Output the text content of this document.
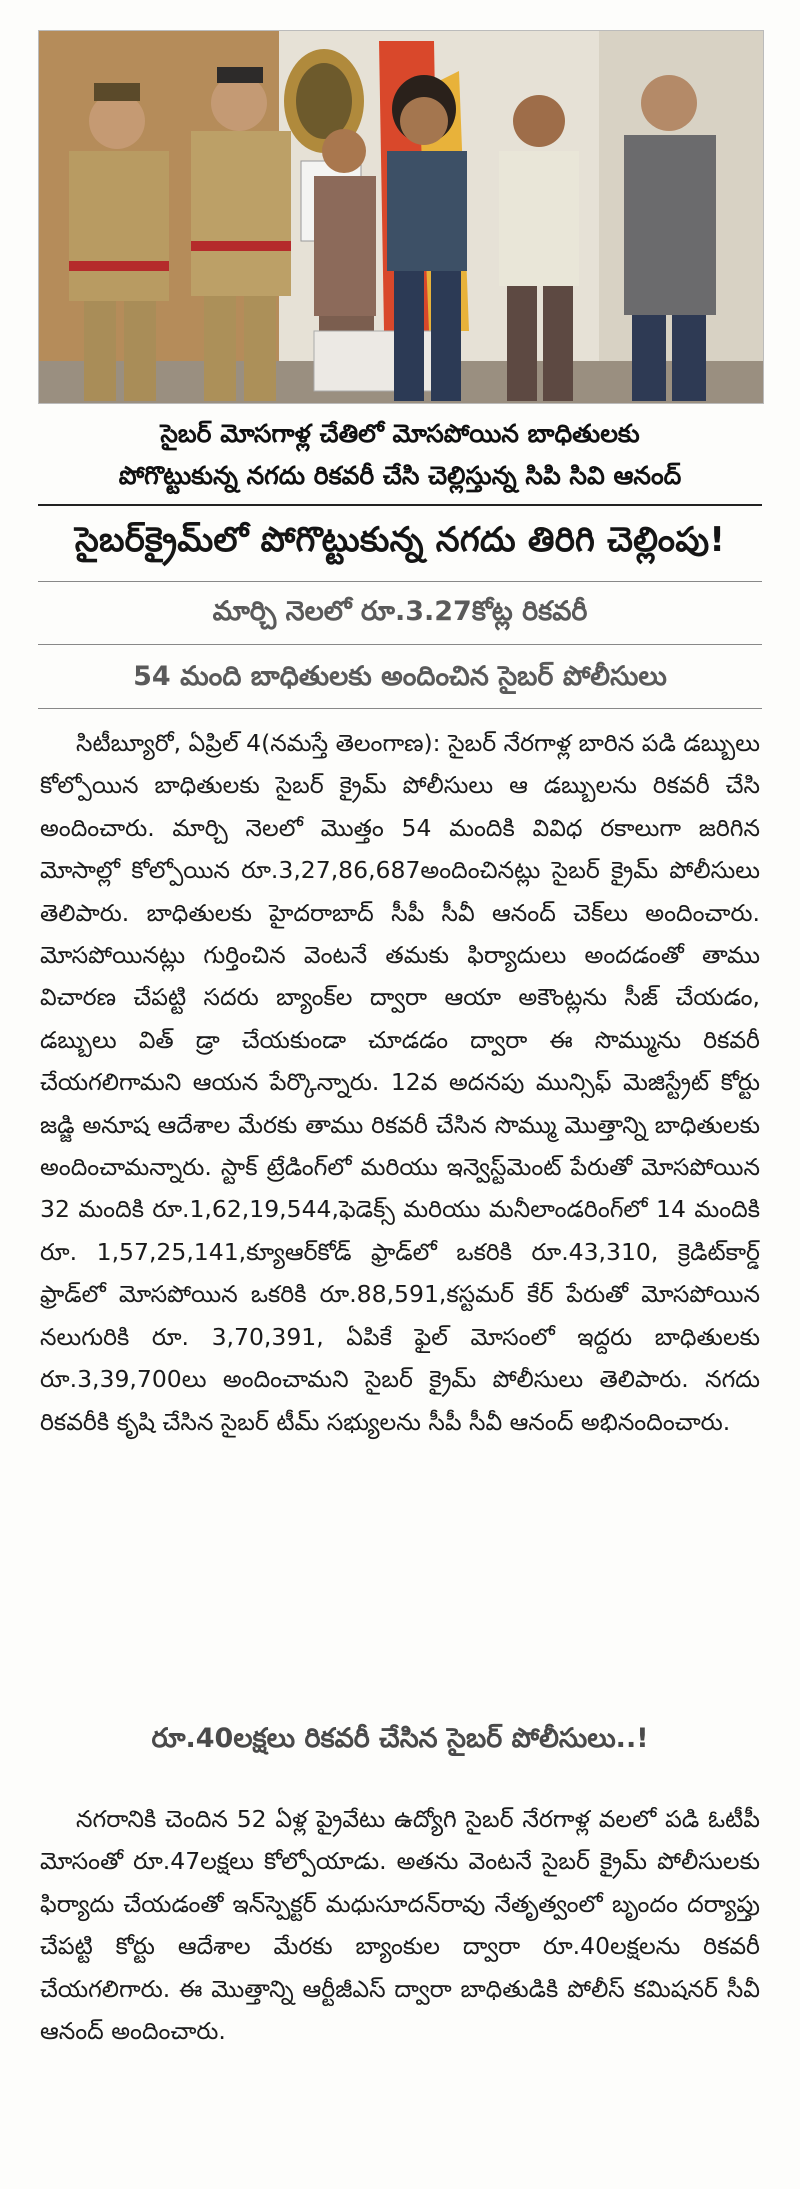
సైబర్ మోసగాళ్ల చేతిలో మోసపోయిన బాధితులకు
పోగొట్టుకున్న నగదు రికవరీ చేసి చెల్లిస్తున్న సిపి సివి ఆనంద్
సైబర్‌క్రైమ్‌లో పోగొట్టుకున్న నగదు తిరిగి చెల్లింపు!
మార్చి నెలలో రూ.3.27కోట్ల రికవరీ
54 మంది బాధితులకు అందించిన సైబర్ పోలీసులు

సిటీబ్యూరో, ఏప్రిల్ 4(నమస్తే తెలంగాణ): సైబర్ నేరగాళ్ల బారిన పడి డబ్బులు కోల్పోయిన బాధితులకు సైబర్ క్రైమ్ పోలీసులు ఆ డబ్బులను రికవరీ చేసి అందించారు. మార్చి నెలలో మొత్తం 54 మందికి వివిధ రకాలుగా జరిగిన మోసాల్లో కోల్పోయిన రూ.3,27,86,687అందించినట్లు సైబర్ క్రైమ్ పోలీసులు తెలిపారు. బాధితులకు హైదరాబాద్ సీపీ సీవీ ఆనంద్ చెక్‌లు అందించారు. మోసపోయినట్లు గుర్తించిన వెంటనే తమకు ఫిర్యాదులు అందడంతో తాము విచారణ చేపట్టి సదరు బ్యాంక్‌ల ద్వారా ఆయా అకౌంట్లను సీజ్ చేయడం, డబ్బులు విత్ డ్రా చేయకుండా చూడడం ద్వారా ఈ సొమ్మును రికవరీ చేయగలిగామని ఆయన పేర్కొన్నారు. 12వ అదనపు మున్సిఫ్ మెజిస్ట్రేట్ కోర్టు జడ్జి అనూష ఆదేశాల మేరకు తాము రికవరీ చేసిన సొమ్ము మొత్తాన్ని బాధితులకు అందించామన్నారు. స్టాక్ ట్రేడింగ్‌లో మరియు ఇన్వెస్ట్‌మెంట్ పేరుతో మోసపోయిన 32 మందికి రూ.1,62,19,544,ఫెడెక్స్ మరియు మనీలాండరింగ్‌లో 14 మందికి రూ. 1,57,25,141,క్యూఆర్‌కోడ్ ఫ్రాడ్‌లో ఒకరికి రూ.43,310, క్రెడిట్‌కార్డ్ ఫ్రాడ్‌లో మోసపోయిన ఒకరికి రూ.88,591,కస్టమర్ కేర్ పేరుతో మోసపోయిన నలుగురికి రూ. 3,70,391, ఏపికే ఫైల్ మోసంలో ఇద్దరు బాధితులకు రూ.3,39,700లు అందించామని సైబర్ క్రైమ్ పోలీసులు తెలిపారు. నగదు రికవరీకి కృషి చేసిన సైబర్ టీమ్ సభ్యులను సీపీ సీవీ ఆనంద్ అభినందించారు.

రూ.40లక్షలు రికవరీ చేసిన సైబర్ పోలీసులు..!

నగరానికి చెందిన 52 ఏళ్ల ప్రైవేటు ఉద్యోగి సైబర్ నేరగాళ్ల వలలో పడి ఓటీపీ మోసంతో రూ.47లక్షలు కోల్పోయాడు. అతను వెంటనే సైబర్ క్రైమ్ పోలీసులకు ఫిర్యాదు చేయడంతో ఇన్‌స్పెక్టర్ మధుసూదన్‌రావు నేతృత్వంలో బృందం దర్యాప్తు చేపట్టి కోర్టు ఆదేశాల మేరకు బ్యాంకుల ద్వారా రూ.40లక్షలను రికవరీ చేయగలిగారు. ఈ మొత్తాన్ని ఆర్టీజీఎస్ ద్వారా బాధితుడికి పోలీస్ కమిషనర్ సీవీ ఆనంద్ అందించారు.
